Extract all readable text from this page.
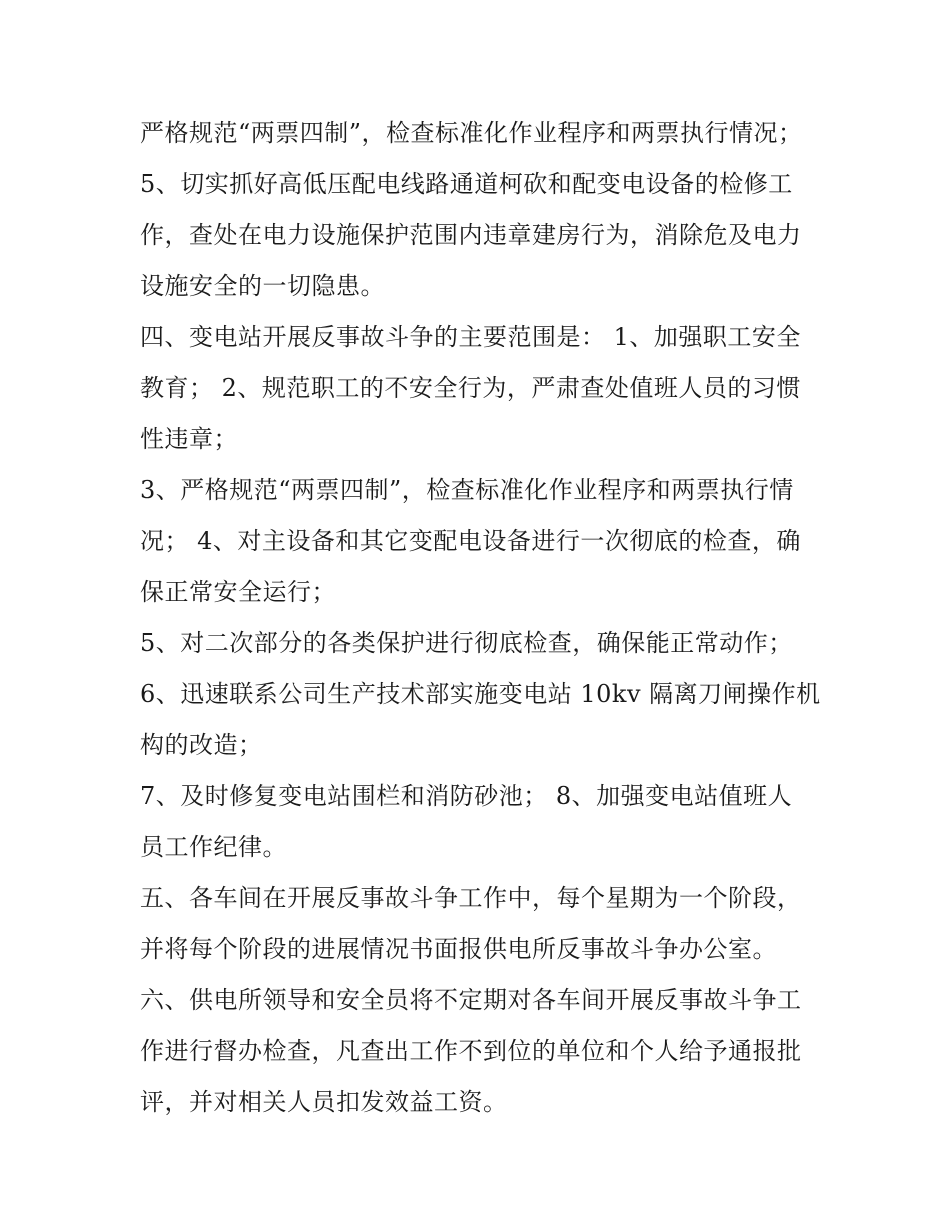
严格规范“两票四制”，检查标准化作业程序和两票执行情况；

5、切实抓好高低压配电线路通道柯砍和配变电设备的检修工

作，查处在电力设施保护范围内违章建房行为，消除危及电力

设施安全的一切隐患。

四、变电站开展反事故斗争的主要范围是： 1、加强职工安全

教育； 2、规范职工的不安全行为，严肃查处值班人员的习惯

性违章；

3、严格规范“两票四制”，检查标准化作业程序和两票执行情

况； 4、对主设备和其它变配电设备进行一次彻底的检查，确

保正常安全运行；

5、对二次部分的各类保护进行彻底检查，确保能正常动作；

6、迅速联系公司生产技术部实施变电站 10kv 隔离刀闸操作机

构的改造；

7、及时修复变电站围栏和消防砂池； 8、加强变电站值班人

员工作纪律。

五、各车间在开展反事故斗争工作中，每个星期为一个阶段，

并将每个阶段的进展情况书面报供电所反事故斗争办公室。

六、供电所领导和安全员将不定期对各车间开展反事故斗争工

作进行督办检查，凡查出工作不到位的单位和个人给予通报批

评，并对相关人员扣发效益工资。
